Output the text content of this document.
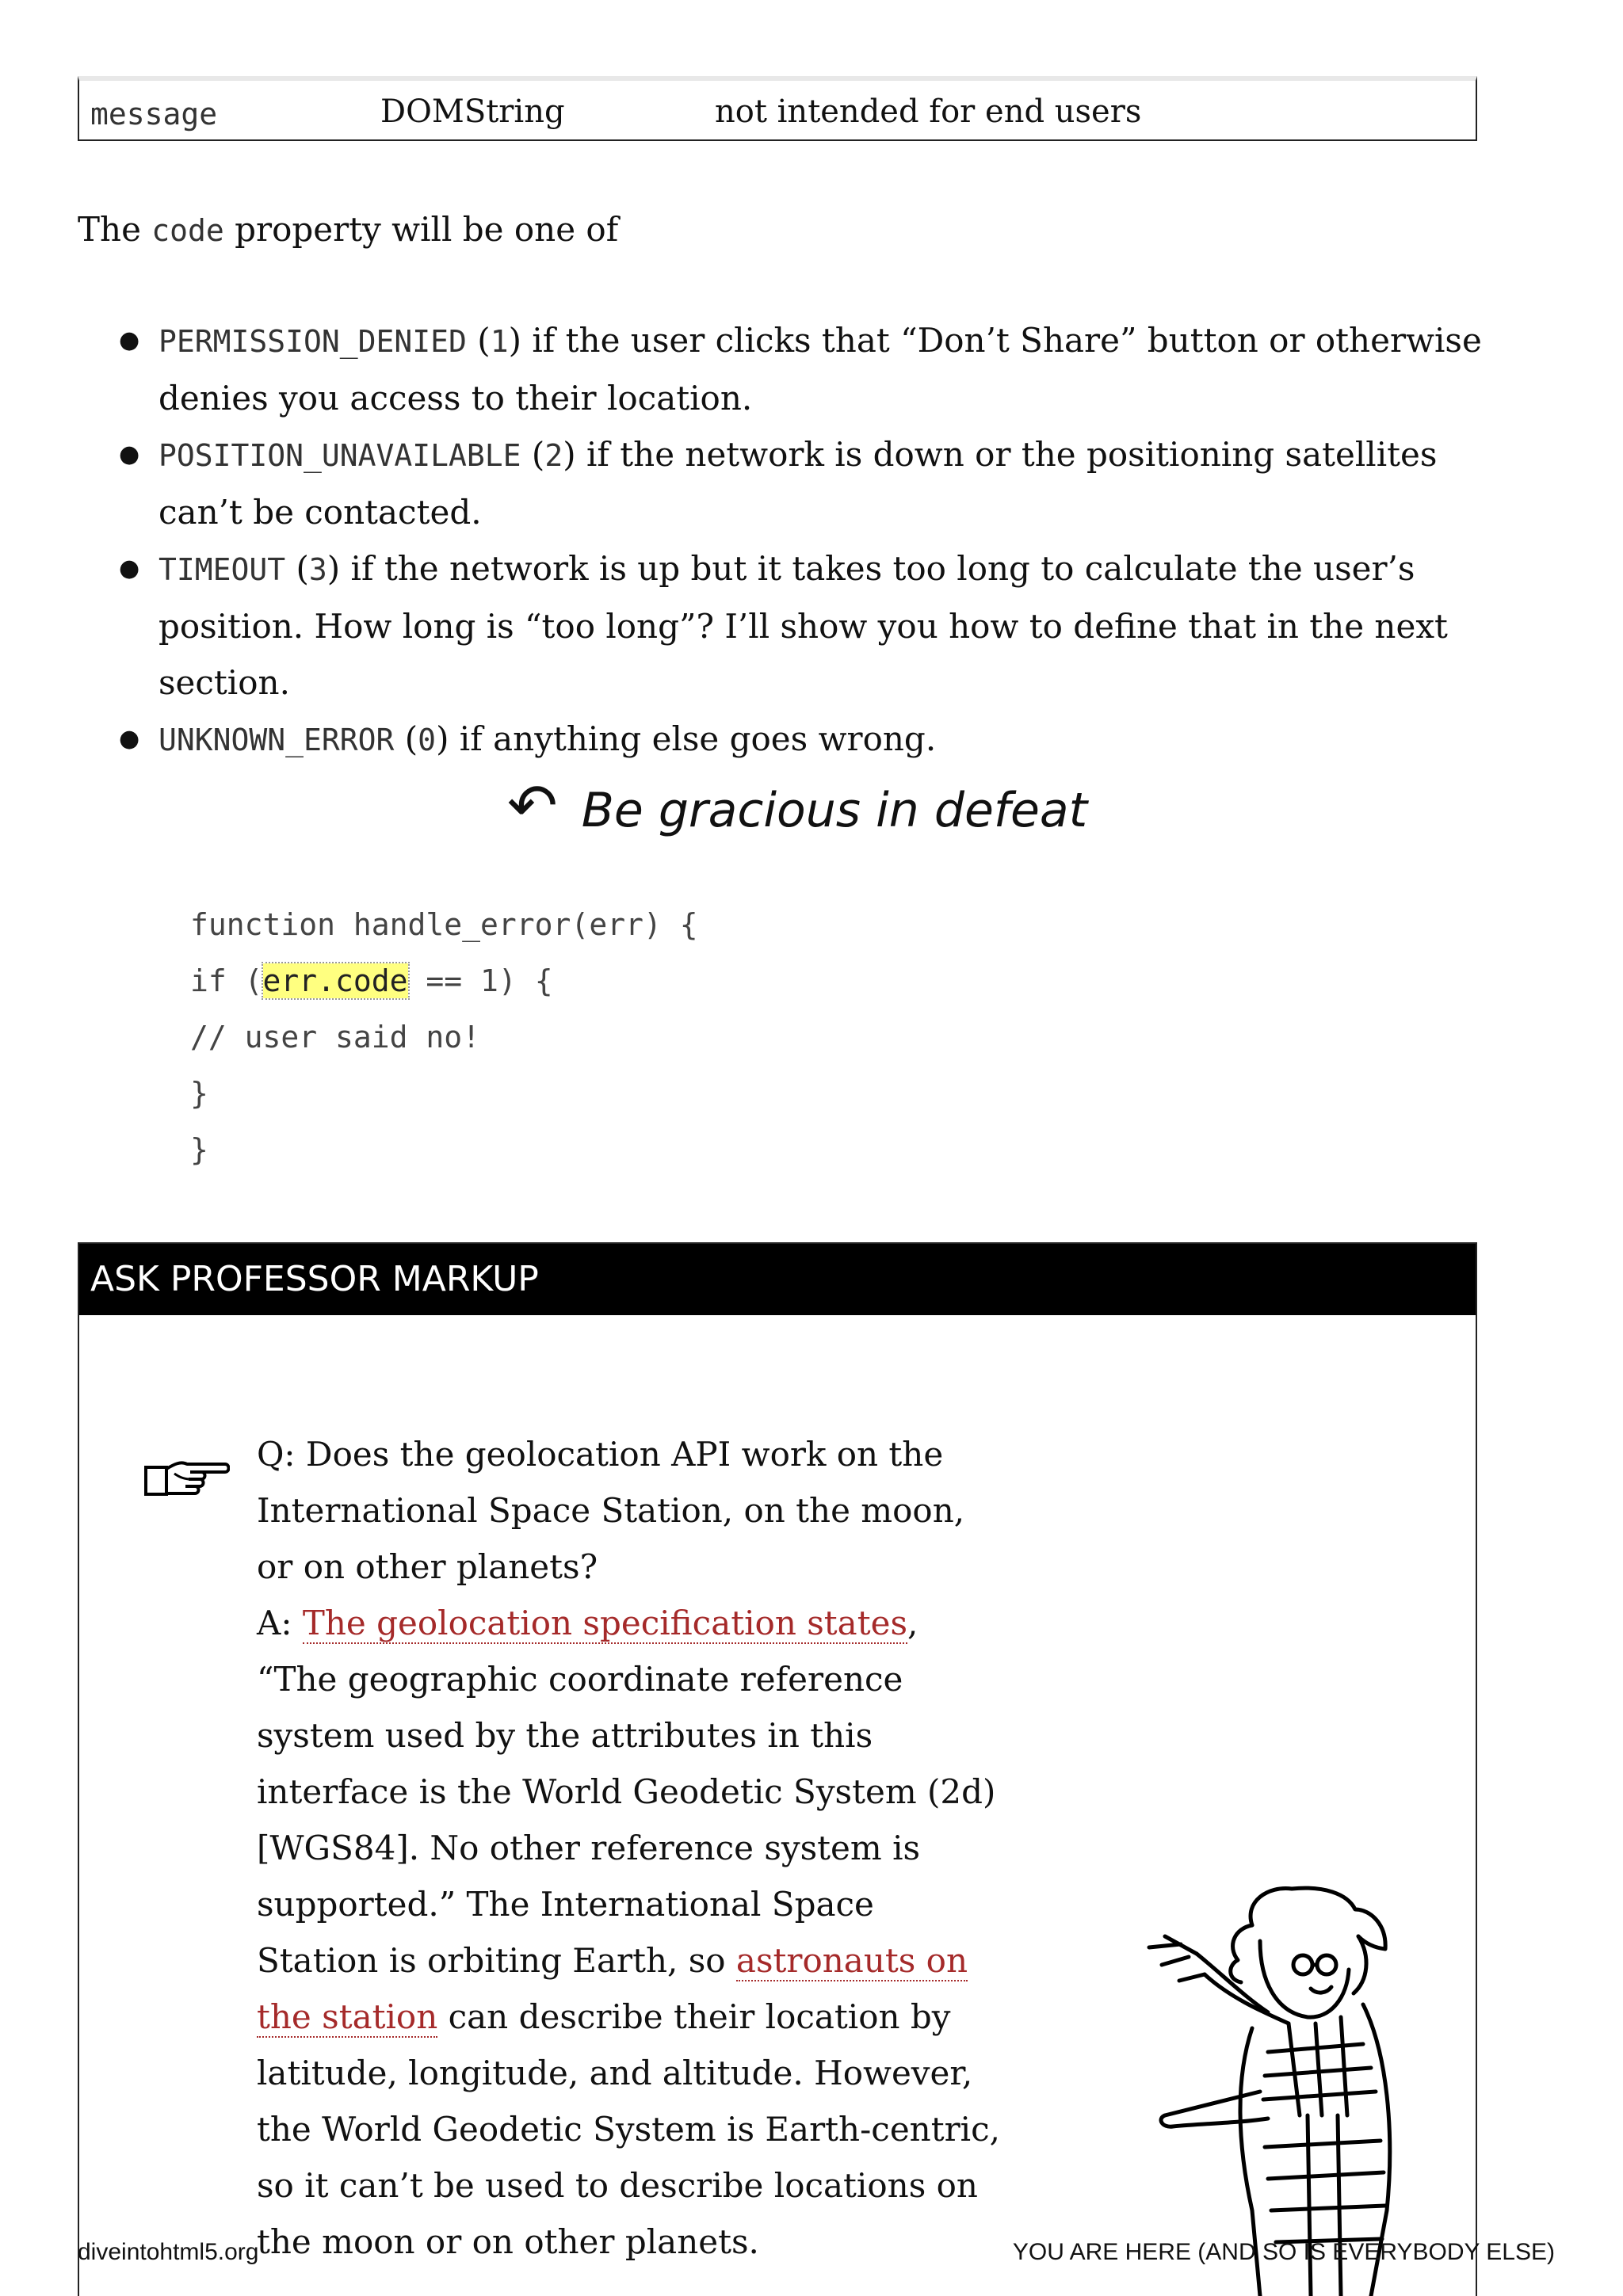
message	DOMString	not intended for end users
The code property will be one of
● PERMISSION_DENIED (1) if the user clicks that “Don’t Share” button or otherwise denies you access to their location.
● POSITION_UNAVAILABLE (2) if the network is down or the positioning satellites can’t be contacted.
● TIMEOUT (3) if the network is up but it takes too long to calculate the user’s position. How long is “too long”? I’ll show you how to define that in the next section.
● UNKNOWN_ERROR (0) if anything else goes wrong.
↶ Be gracious in defeat
function handle_error(err) {
if (err.code == 1) {
// user said no!
}
}
ASK PROFESSOR MARKUP
Q: Does the geolocation API work on the International Space Station, on the moon, or on other planets?
A: The geolocation specification states, “The geographic coordinate reference system used by the attributes in this interface is the World Geodetic System (2d) [WGS84]. No other reference system is supported.” The International Space Station is orbiting Earth, so astronauts on the station can describe their location by latitude, longitude, and altitude. However, the World Geodetic System is Earth-centric, so it can’t be used to describe locations on the moon or on other planets.
diveintohtml5.org	YOU ARE HERE (AND SO IS EVERYBODY ELSE)
